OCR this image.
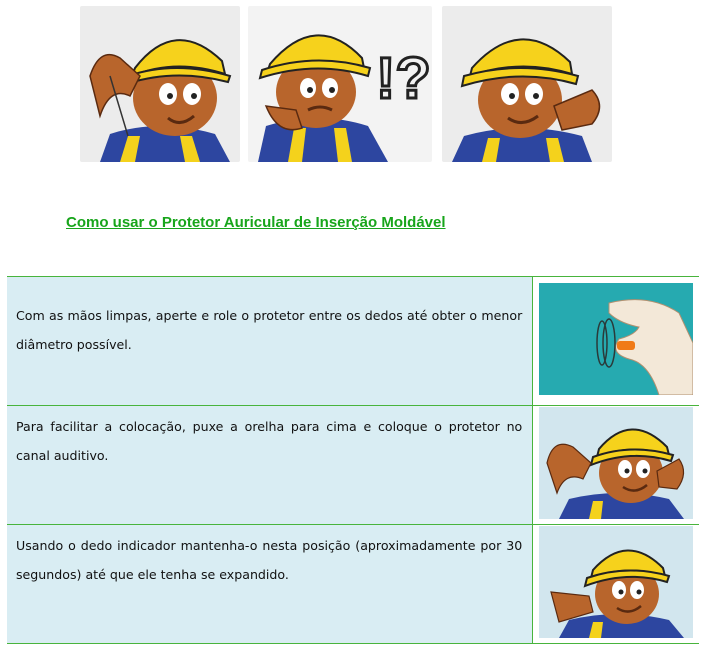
!?
Como usar o Protetor Auricular de Inserção Moldável
Com as mãos limpas, aperte e role o protetor entre os dedos até obter o menor diâmetro possível.

Para facilitar a colocação, puxe a orelha para cima e coloque o protetor no canal auditivo.

Usando o dedo indicador mantenha-o nesta posição (aproximadamente por 30 segundos) até que ele tenha se expandido.
